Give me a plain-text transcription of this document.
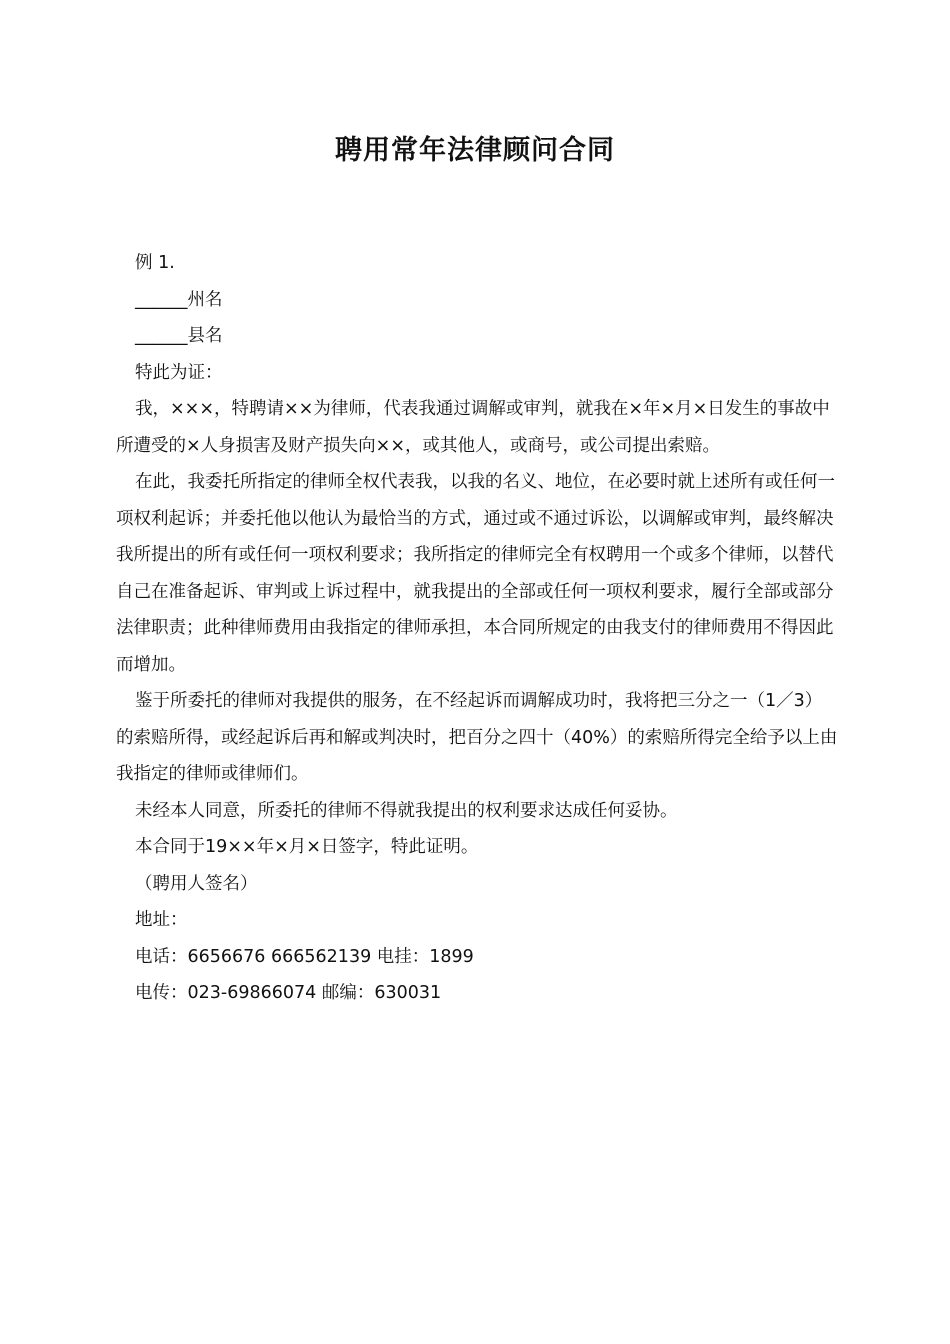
聘用常年法律顾问合同

例 1.

______州名

______县名

特此为证：

我，×××，特聘请××为律师，代表我通过调解或审判，就我在×年×月×日发生的事故中所遭受的×人身损害及财产损失向××，或其他人，或商号，或公司提出索赔。

在此，我委托所指定的律师全权代表我，以我的名义、地位，在必要时就上述所有或任何一项权利起诉；并委托他以他认为最恰当的方式，通过或不通过诉讼，以调解或审判，最终解决我所提出的所有或任何一项权利要求；我所指定的律师完全有权聘用一个或多个律师，以替代自己在准备起诉、审判或上诉过程中，就我提出的全部或任何一项权利要求，履行全部或部分法律职责；此种律师费用由我指定的律师承担，本合同所规定的由我支付的律师费用不得因此而增加。

鉴于所委托的律师对我提供的服务，在不经起诉而调解成功时，我将把三分之一（1／3）的索赔所得，或经起诉后再和解或判决时，把百分之四十（40%）的索赔所得完全给予以上由我指定的律师或律师们。

未经本人同意，所委托的律师不得就我提出的权利要求达成任何妥协。

本合同于19××年×月×日签字，特此证明。

（聘用人签名）

地址：

电话：6656676 666562139 电挂：1899

电传：023-69866074 邮编：630031
